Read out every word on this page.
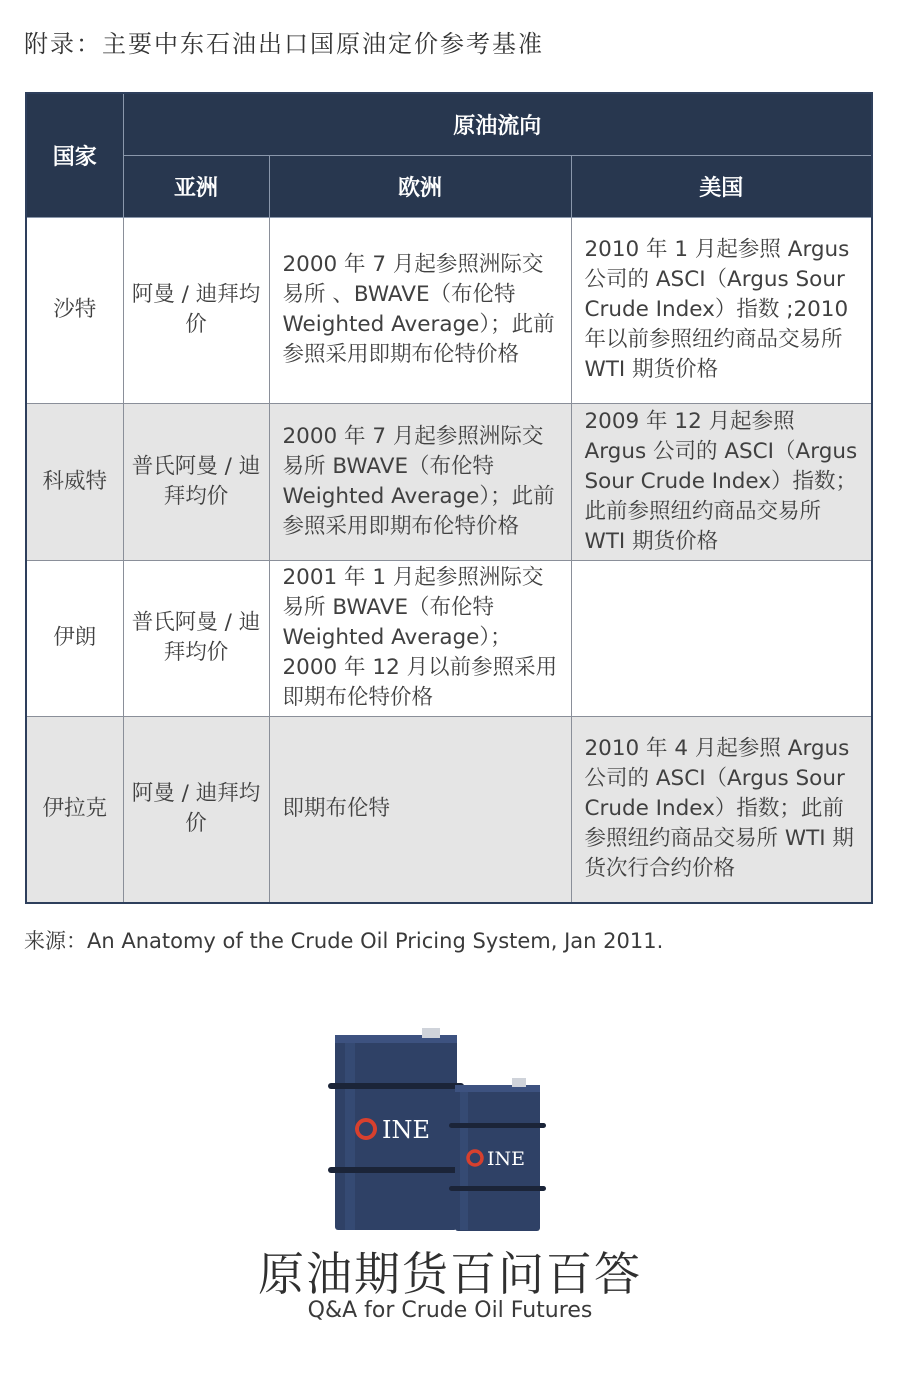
附录：主要中东石油出口国原油定价参考基准
国家	原油流向		
	亚洲	欧洲	美国
沙特	阿曼 / 迪拜均价	2000 年 7 月起参照洲际交易所 、BWAVE（布伦特 Weighted Average）；此前参照采用即期布伦特价格	2010 年 1 月起参照 Argus 公司的 ASCI（Argus Sour Crude Index）指数 ;2010 年以前参照纽约商品交易所 WTI 期货价格
科威特	普氏阿曼 / 迪拜均价	2000 年 7 月起参照洲际交易所 BWAVE（布伦特 Weighted Average）；此前参照采用即期布伦特价格	2009 年 12 月起参照 Argus 公司的 ASCI（Argus Sour Crude Index）指数；此前参照纽约商品交易所 WTI 期货价格
伊朗	普氏阿曼 / 迪拜均价	2001 年 1 月起参照洲际交易所 BWAVE（布伦特 Weighted Average）；2000 年 12 月以前参照采用即期布伦特价格	
伊拉克	阿曼 / 迪拜均价	即期布伦特	2010 年 4 月起参照 Argus 公司的 ASCI（Argus Sour Crude Index）指数；此前参照纽约商品交易所 WTI 期货次行合约价格
来源：An Anatomy of the Crude Oil Pricing System, Jan 2011.
INE
INE
原油期货百问百答
Q&A for Crude Oil Futures
